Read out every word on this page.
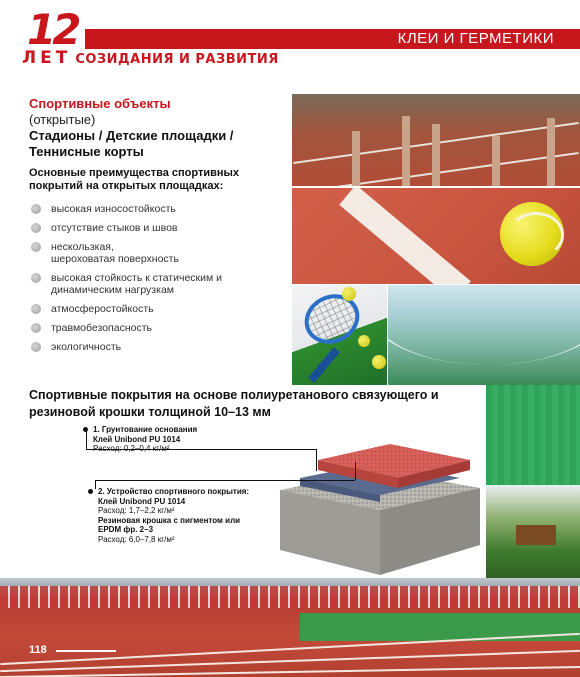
12
ЛЕТ СОЗИДАНИЯ И РАЗВИТИЯ
КЛЕИ И ГЕРМЕТИКИ
Спортивные объекты
(открытые)
Стадионы / Детские площадки / Теннисные корты
Основные преимущества спортивных покрытий на открытых площадках:
высокая износостойкость
отсутствие стыков и швов
нескользкая, шероховатая поверхность
высокая стойкость к статическим и динамическим нагрузкам
атмосферостойкость
травмобезопасность
экологичность
Спортивные покрытия на основе полиуретанового связующего и резиновой крошки толщиной 10–13 мм
1. Грунтование основания
Клей Unibond PU 1014
2. Устройство спортивного покрытия:
Клей Unibond PU 1014
Расход: 1,7–2,2 кг/м²
Резиновая крошка с пигментом или EPDM фр. 2–3
Расход: 6,0–7,8 кг/м²
118
